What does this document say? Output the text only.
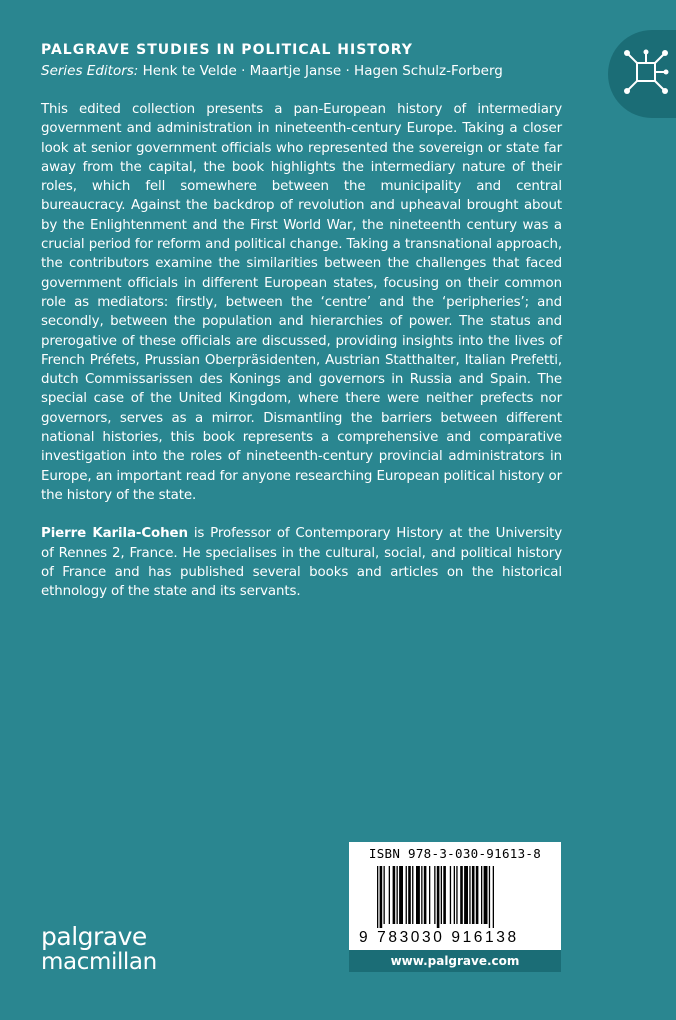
PALGRAVE STUDIES IN POLITICAL HISTORY
Series Editors: Henk te Velde · Maartje Janse · Hagen Schulz-Forberg

This edited collection presents a pan-European history of intermediary government and administration in nineteenth-century Europe. Taking a closer look at senior government officials who represented the sovereign or state far away from the capital, the book highlights the intermediary nature of their roles, which fell somewhere between the municipality and central bureaucracy. Against the backdrop of revolution and upheaval brought about by the Enlightenment and the First World War, the nineteenth century was a crucial period for reform and political change. Taking a transnational approach, the contributors examine the similarities between the challenges that faced government officials in different European states, focusing on their common role as mediators: firstly, between the ‘centre’ and the ‘peripheries’; and secondly, between the population and hierarchies of power. The status and prerogative of these officials are discussed, providing insights into the lives of French Préfets, Prussian Oberpräsidenten, Austrian Statthalter, Italian Prefetti, dutch Commissarissen des Konings and governors in Russia and Spain. The special case of the United Kingdom, where there were neither prefects nor governors, serves as a mirror. Dismantling the barriers between different national histories, this book represents a comprehensive and comparative investigation into the roles of nineteenth-century provincial administrators in Europe, an important read for anyone researching European political history or the history of the state.

Pierre Karila-Cohen is Professor of Contemporary History at the University of Rennes 2, France. He specialises in the cultural, social, and political history of France and has published several books and articles on the historical ethnology of the state and its servants.

ISBN 978-3-030-91613-8
9 783030 916138
www.palgrave.com
palgrave
macmillan
